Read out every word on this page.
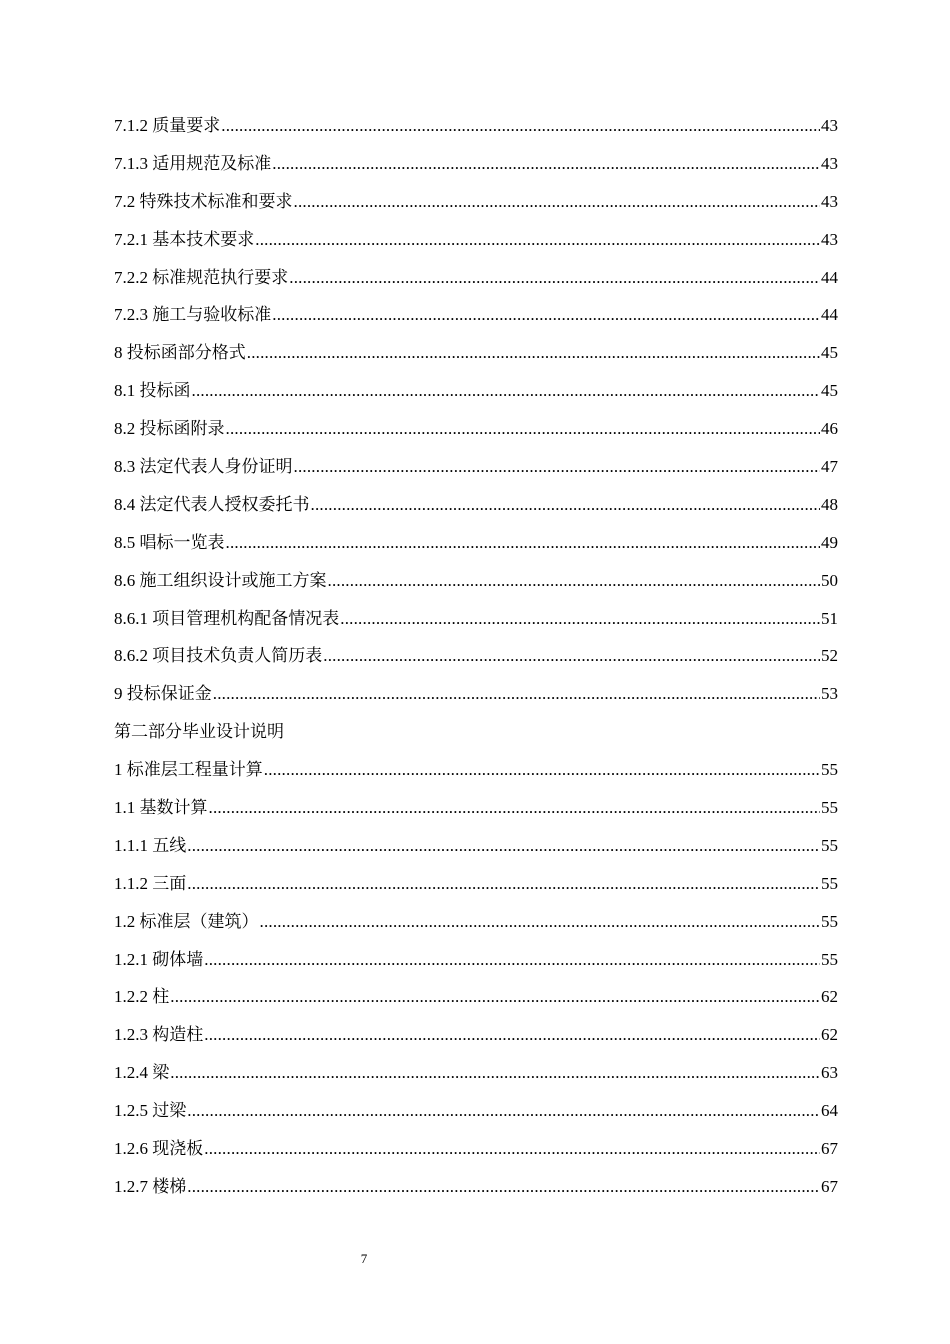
7.1.2 质量要求 .....	43
7.1.3 适用规范及标准 .....	43
7.2 特殊技术标准和要求 .....	43
7.2.1 基本技术要求 .....	43
7.2.2 标准规范执行要求 .....	44
7.2.3 施工与验收标准 .....	44
8 投标函部分格式 .....	45
8.1 投标函 .....	45
8.2 投标函附录 .....	46
8.3 法定代表人身份证明 .....	47
8.4 法定代表人授权委托书 .....	48
8.5 唱标一览表 .....	49
8.6 施工组织设计或施工方案 .....	50
8.6.1 项目管理机构配备情况表 .....	51
8.6.2 项目技术负责人简历表 .....	52
9 投标保证金 .....	53
第二部分毕业设计说明
1 标准层工程量计算 .....	55
1.1 基数计算 .....	55
1.1.1 五线 .....	55
1.1.2 三面 .....	55
1.2 标准层（建筑） .....	55
1.2.1 砌体墙 .....	55
1.2.2 柱 .....	62
1.2.3 构造柱 .....	62
1.2.4 梁 .....	63
1.2.5 过梁 .....	64
1.2.6 现浇板 .....	67
1.2.7 楼梯 .....	67
7
